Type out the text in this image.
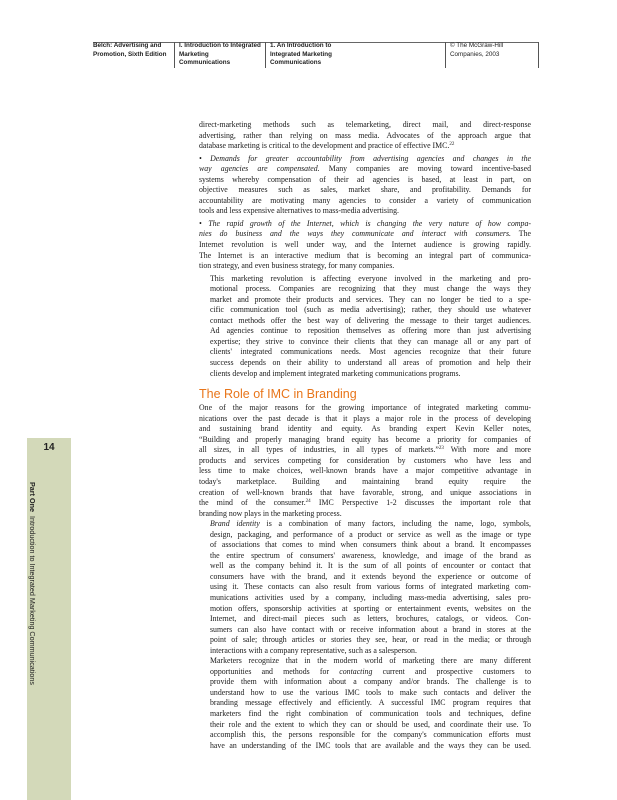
Belch: Advertising and
Promotion, Sixth Edition
I. Introduction to Integrated
Marketing
Communications
1. An Introduction to
Integrated Marketing
Communications
© The McGraw-Hill
Companies, 2003
14
Part One  Introduction to Integrated Marketing Communications

direct-marketing methods such as telemarketing, direct mail, and direct-response
advertising, rather than relying on mass media. Advocates of the approach argue that
database marketing is critical to the development and practice of effective IMC.$^{22}$

• Demands for greater accountability from advertising agencies and changes in the
way agencies are compensated. Many companies are moving toward incentive-based
systems whereby compensation of their ad agencies is based, at least in part, on
objective measures such as sales, market share, and profitability. Demands for
accountability are motivating many agencies to consider a variety of communication
tools and less expensive alternatives to mass-media advertising.

• The rapid growth of the Internet, which is changing the very nature of how compa-
nies do business and the ways they communicate and interact with consumers. The
Internet revolution is well under way, and the Internet audience is growing rapidly.
The Internet is an interactive medium that is becoming an integral part of communica-
tion strategy, and even business strategy, for many companies.

This marketing revolution is affecting everyone involved in the marketing and pro-
motional process. Companies are recognizing that they must change the ways they
market and promote their products and services. They can no longer be tied to a spe-
cific communication tool (such as media advertising); rather, they should use whatever
contact methods offer the best way of delivering the message to their target audiences.
Ad agencies continue to reposition themselves as offering more than just advertising
expertise; they strive to convince their clients that they can manage all or any part of
clients' integrated communications needs. Most agencies recognize that their future
success depends on their ability to understand all areas of promotion and help their
clients develop and implement integrated marketing communications programs.

The Role of IMC in Branding

One of the major reasons for the growing importance of integrated marketing commu-
nications over the past decade is that it plays a major role in the process of developing
and sustaining brand identity and equity. As branding expert Kevin Keller notes,
“Building and properly managing brand equity has become a priority for companies of
all sizes, in all types of industries, in all types of markets.”$^{23}$ With more and more
products and services competing for consideration by customers who have less and
less time to make choices, well-known brands have a major competitive advantage in
today's marketplace. Building and maintaining brand equity require the
creation of well-known brands that have favorable, strong, and unique associations in
the mind of the consumer.$^{24}$ IMC Perspective 1-2 discusses the important role that
branding now plays in the marketing process.

Brand identity is a combination of many factors, including the name, logo, symbols,
design, packaging, and performance of a product or service as well as the image or type
of associations that comes to mind when consumers think about a brand. It encompasses
the entire spectrum of consumers' awareness, knowledge, and image of the brand as
well as the company behind it. It is the sum of all points of encounter or contact that
consumers have with the brand, and it extends beyond the experience or outcome of
using it. These contacts can also result from various forms of integrated marketing com-
munications activities used by a company, including mass-media advertising, sales pro-
motion offers, sponsorship activities at sporting or entertainment events, websites on the
Internet, and direct-mail pieces such as letters, brochures, catalogs, or videos. Con-
sumers can also have contact with or receive information about a brand in stores at the
point of sale; through articles or stories they see, hear, or read in the media; or through
interactions with a company representative, such as a salesperson.

Marketers recognize that in the modern world of marketing there are many different
opportunities and methods for contacting current and prospective customers to
provide them with information about a company and/or brands. The challenge is to
understand how to use the various IMC tools to make such contacts and deliver the
branding message effectively and efficiently. A successful IMC program requires that
marketers find the right combination of communication tools and techniques, define
their role and the extent to which they can or should be used, and coordinate their use. To
accomplish this, the persons responsible for the company's communication efforts must
have an understanding of the IMC tools that are available and the ways they can be used.
